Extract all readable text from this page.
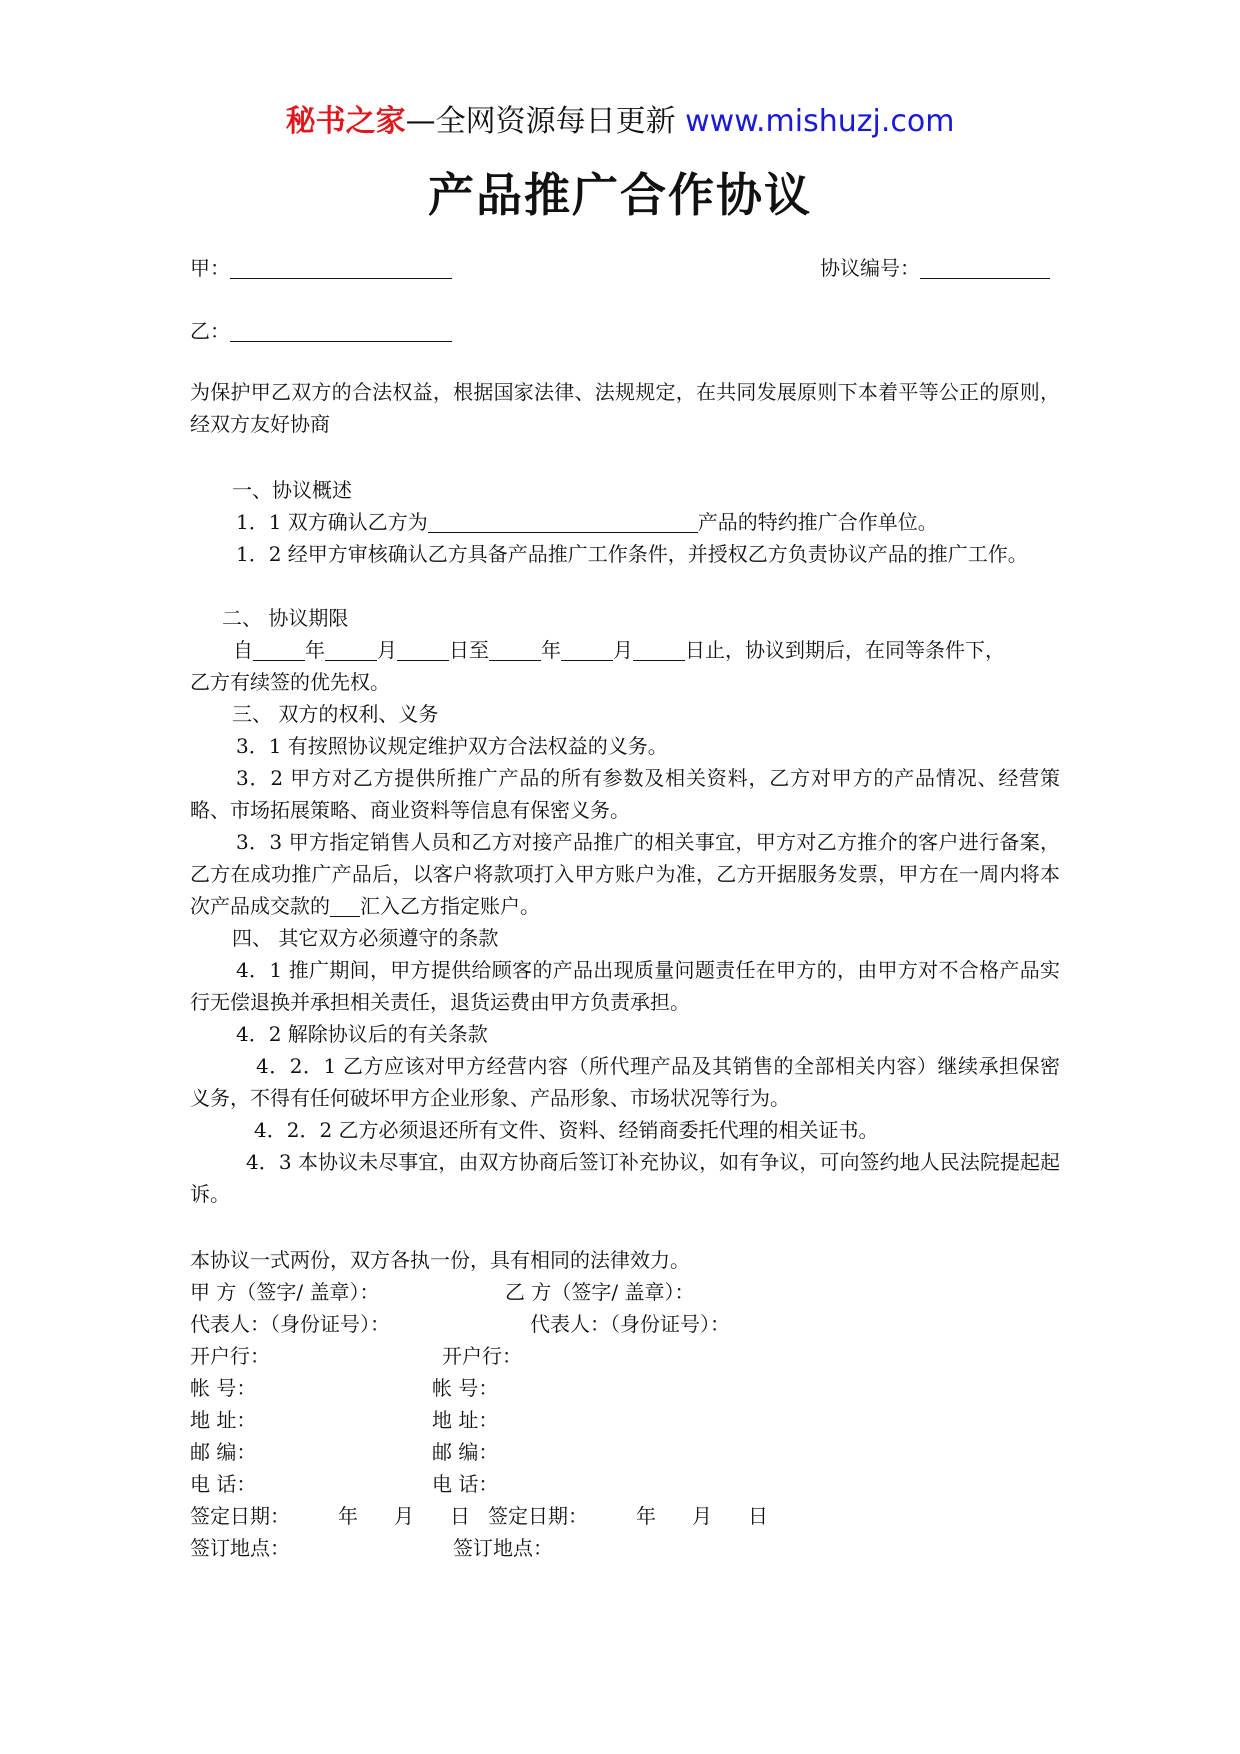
秘书之家—全网资源每日更新 www.mishuzj.com
产品推广合作协议
甲：	协议编号：
乙：
为保护甲乙双方的合法权益，根据国家法律、法规规定，在共同发展原则下本着平等公正的原则，经双方友好协商
一、协议概述
1．1 双方确认乙方为	产品的特约推广合作单位。
1．2 经甲方审核确认乙方具备产品推广工作条件，并授权乙方负责协议产品的推广工作。
二、 协议期限
自	年	月	日至	年	月	日止，协议到期后，在同等条件下，
乙方有续签的优先权。
三、 双方的权利、义务
3．1 有按照协议规定维护双方合法权益的义务。
3．2 甲方对乙方提供所推广产品的所有参数及相关资料，乙方对甲方的产品情况、经营策略、市场拓展策略、商业资料等信息有保密义务。
3．3 甲方指定销售人员和乙方对接产品推广的相关事宜，甲方对乙方推介的客户进行备案，乙方在成功推广产品后，以客户将款项打入甲方账户为准，乙方开据服务发票，甲方在一周内将本次产品成交款的 汇入乙方指定账户。
四、 其它双方必须遵守的条款
4．1 推广期间，甲方提供给顾客的产品出现质量问题责任在甲方的，由甲方对不合格产品实行无偿退换并承担相关责任，退货运费由甲方负责承担。
4．2 解除协议后的有关条款
4．2．1 乙方应该对甲方经营内容（所代理产品及其销售的全部相关内容）继续承担保密义务，不得有任何破坏甲方企业形象、产品形象、市场状况等行为。
4．2．2 乙方必须退还所有文件、资料、经销商委托代理的相关证书。
4．3 本协议未尽事宜，由双方协商后签订补充协议，如有争议，可向签约地人民法院提起起诉。
本协议一式两份，双方各执一份，具有相同的法律效力。
甲 方（签字/ 盖章）：	乙 方（签字/ 盖章）：
代表人：（身份证号）：	代表人：（身份证号）：
开户行：	开户行：
帐 号：	帐 号：
地 址：	地 址：
邮 编：	邮 编：
电 话：	电 话：
签定日期： 年 月 日 签定日期： 年 月 日
签订地点：	签订地点：
